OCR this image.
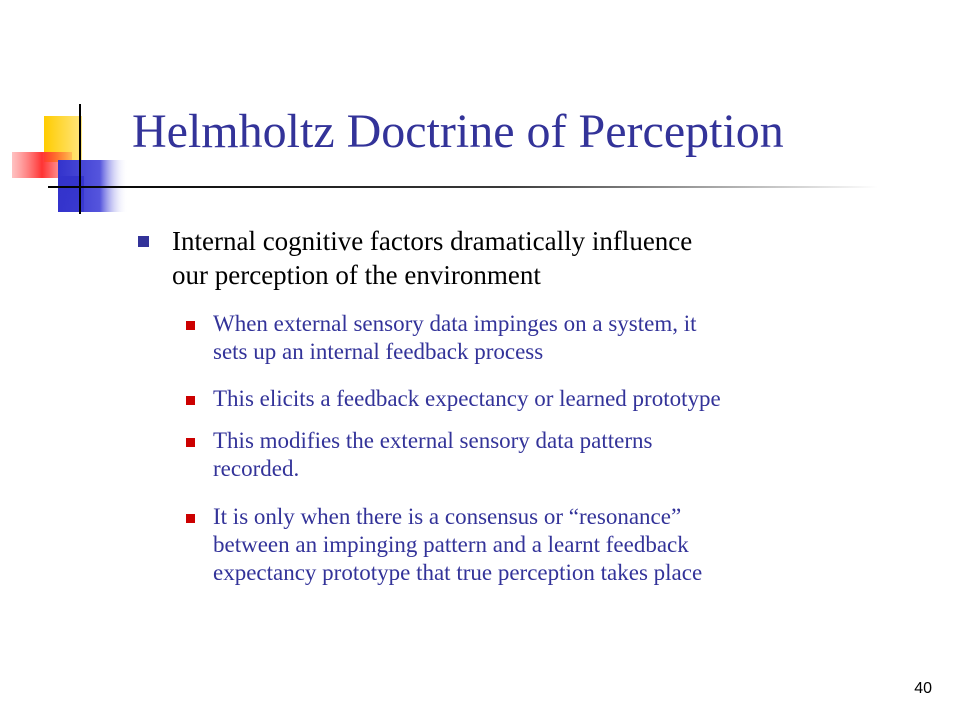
Helmholtz Doctrine of Perception
Internal cognitive factors dramatically influence
our perception of the environment
When external sensory data impinges on a system, it
sets up an internal feedback process
This elicits a feedback expectancy or learned prototype
This modifies the external sensory data patterns
recorded.
It is only when there is a consensus or “resonance”
between an impinging pattern and a learnt feedback
expectancy prototype that true perception takes place
40
